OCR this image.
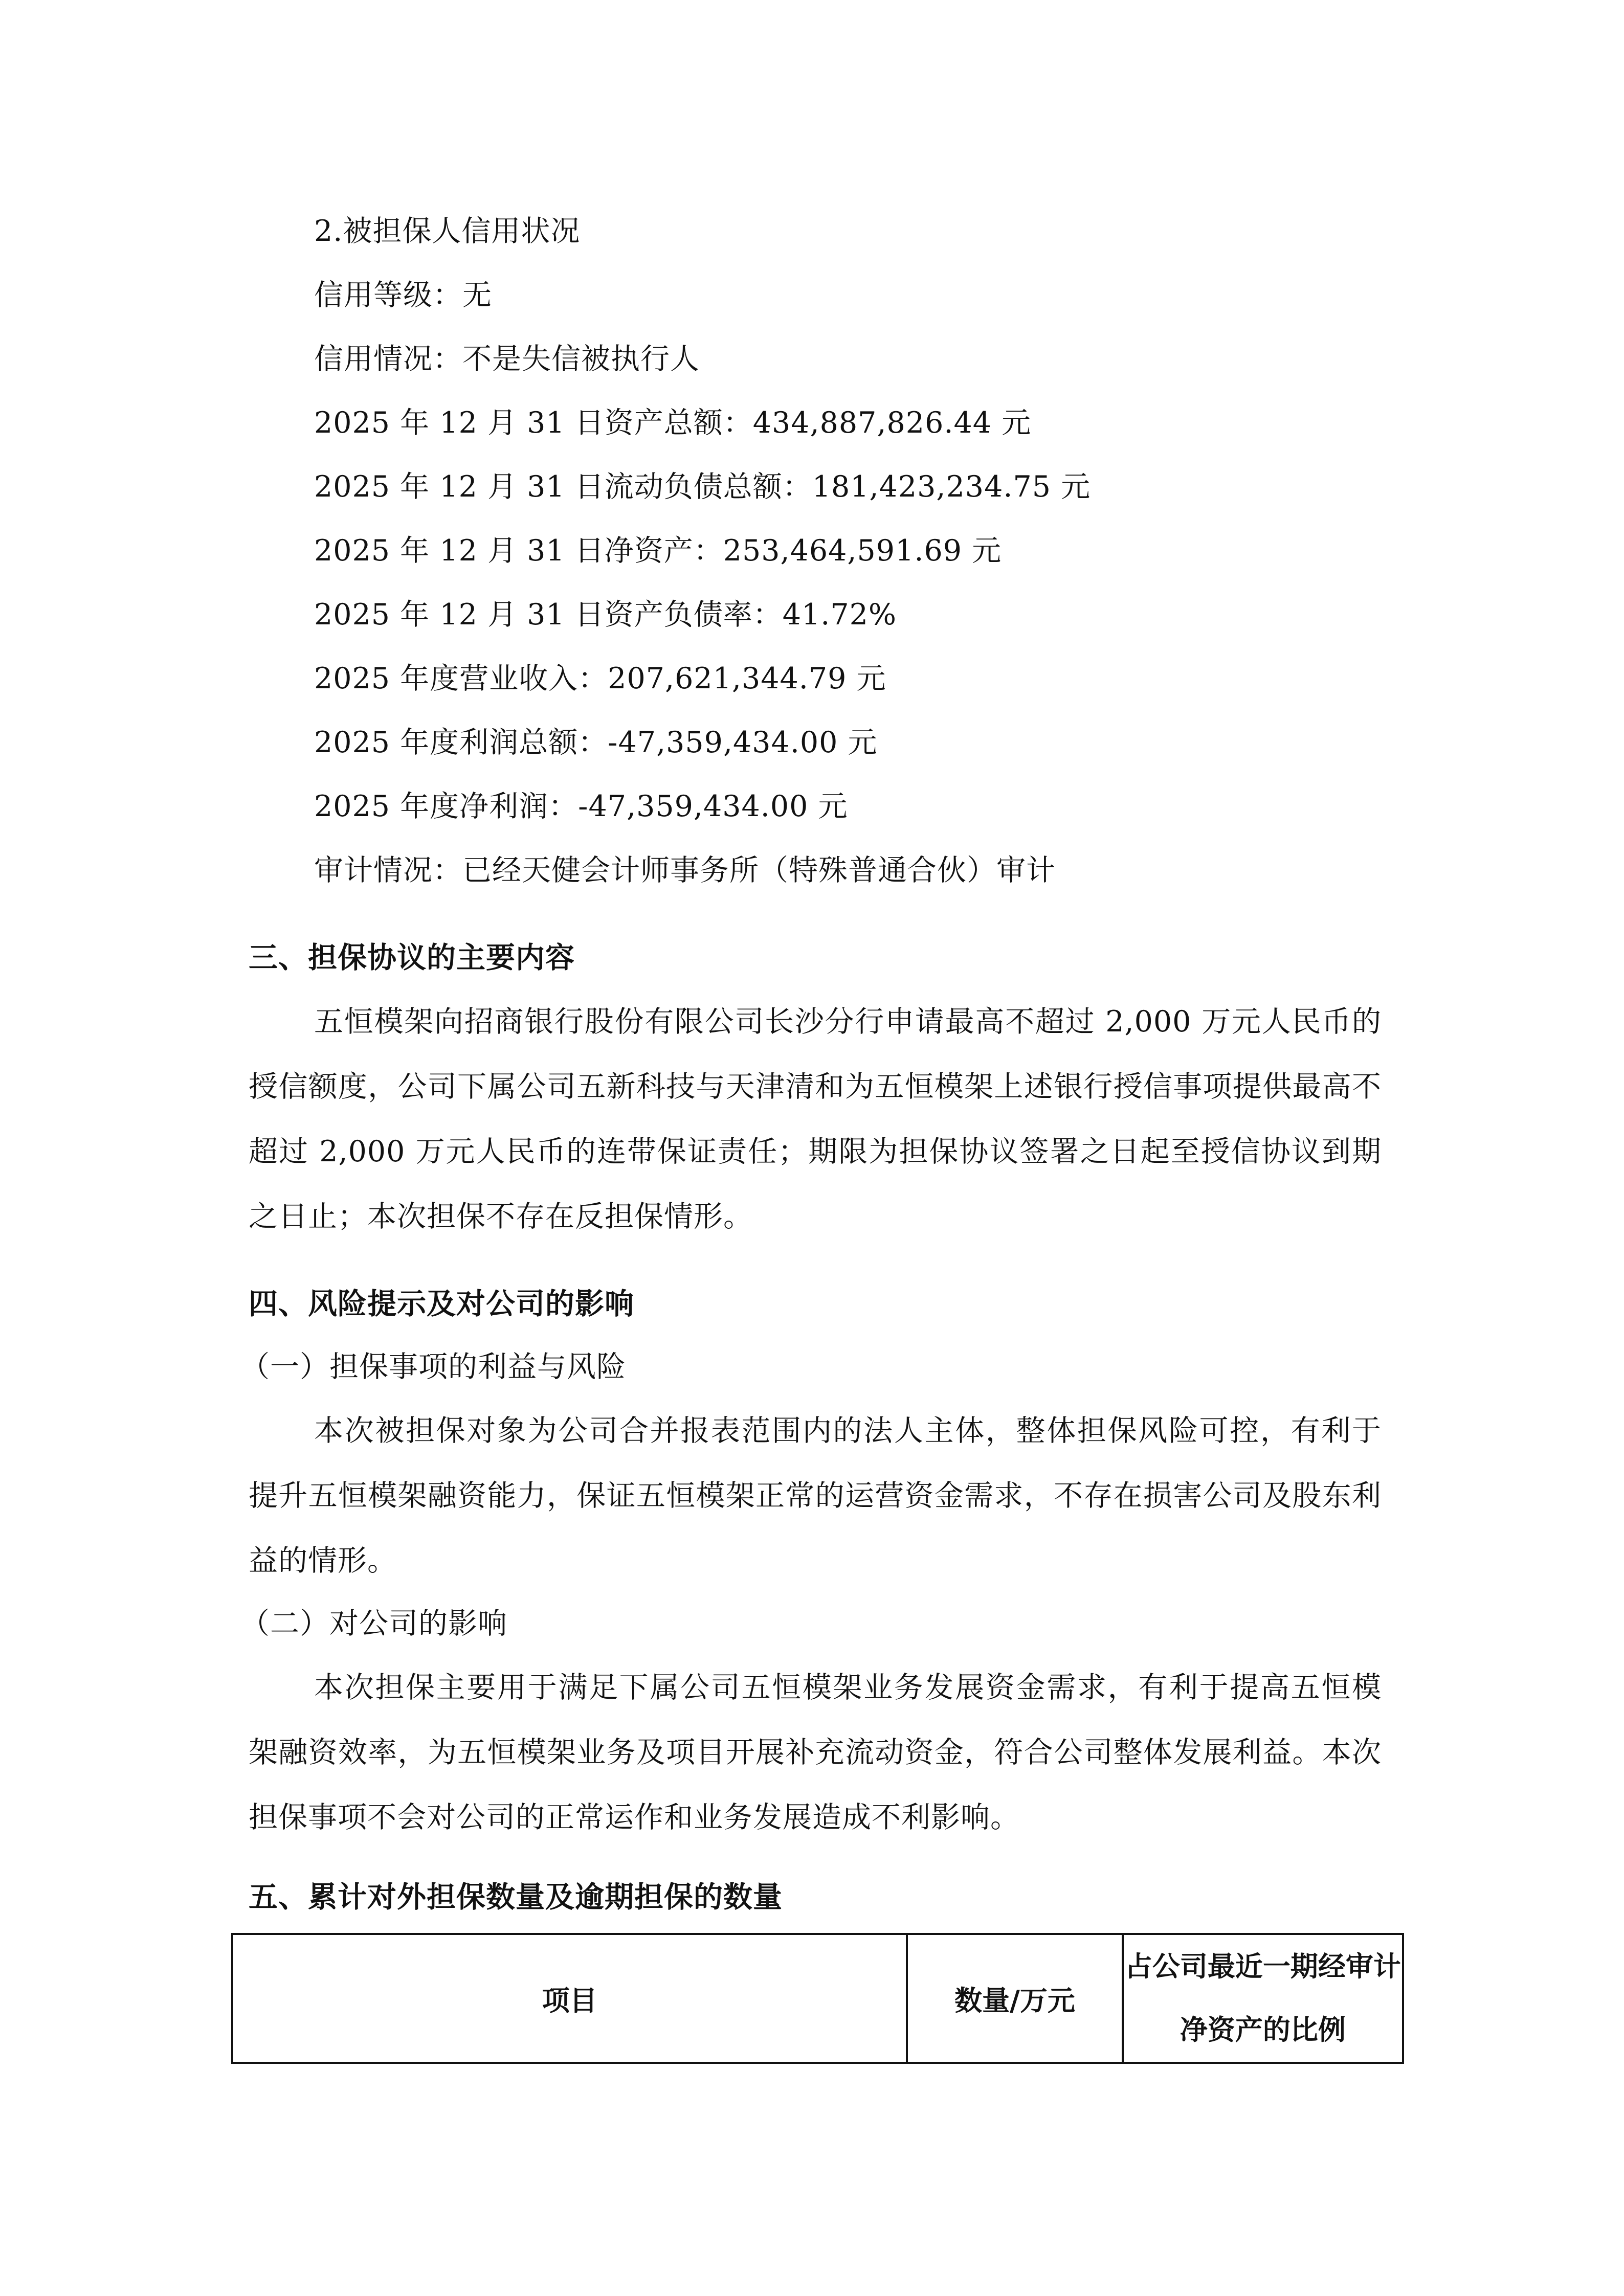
2.被担保人信用状况
信用等级：无
信用情况：不是失信被执行人
2025 年 12 月 31 日资产总额：434,887,826.44 元
2025 年 12 月 31 日流动负债总额：181,423,234.75 元
2025 年 12 月 31 日净资产：253,464,591.69 元
2025 年 12 月 31 日资产负债率：41.72%
2025 年度营业收入：207,621,344.79 元
2025 年度利润总额：-47,359,434.00 元
2025 年度净利润：-47,359,434.00 元
审计情况：已经天健会计师事务所（特殊普通合伙）审计
三、担保协议的主要内容
五恒模架向招商银行股份有限公司长沙分行申请最高不超过 2,000 万元人民币的授信额度，公司下属公司五新科技与天津清和为五恒模架上述银行授信事项提供最高不超过 2,000 万元人民币的连带保证责任；期限为担保协议签署之日起至授信协议到期之日止；本次担保不存在反担保情形。
四、风险提示及对公司的影响
（一）担保事项的利益与风险
本次被担保对象为公司合并报表范围内的法人主体，整体担保风险可控，有利于提升五恒模架融资能力，保证五恒模架正常的运营资金需求，不存在损害公司及股东利益的情形。
（二）对公司的影响
本次担保主要用于满足下属公司五恒模架业务发展资金需求，有利于提高五恒模架融资效率，为五恒模架业务及项目开展补充流动资金，符合公司整体发展利益。本次担保事项不会对公司的正常运作和业务发展造成不利影响。
五、累计对外担保数量及逾期担保的数量
项目	数量/万元	占公司最近一期经审计净资产的比例
